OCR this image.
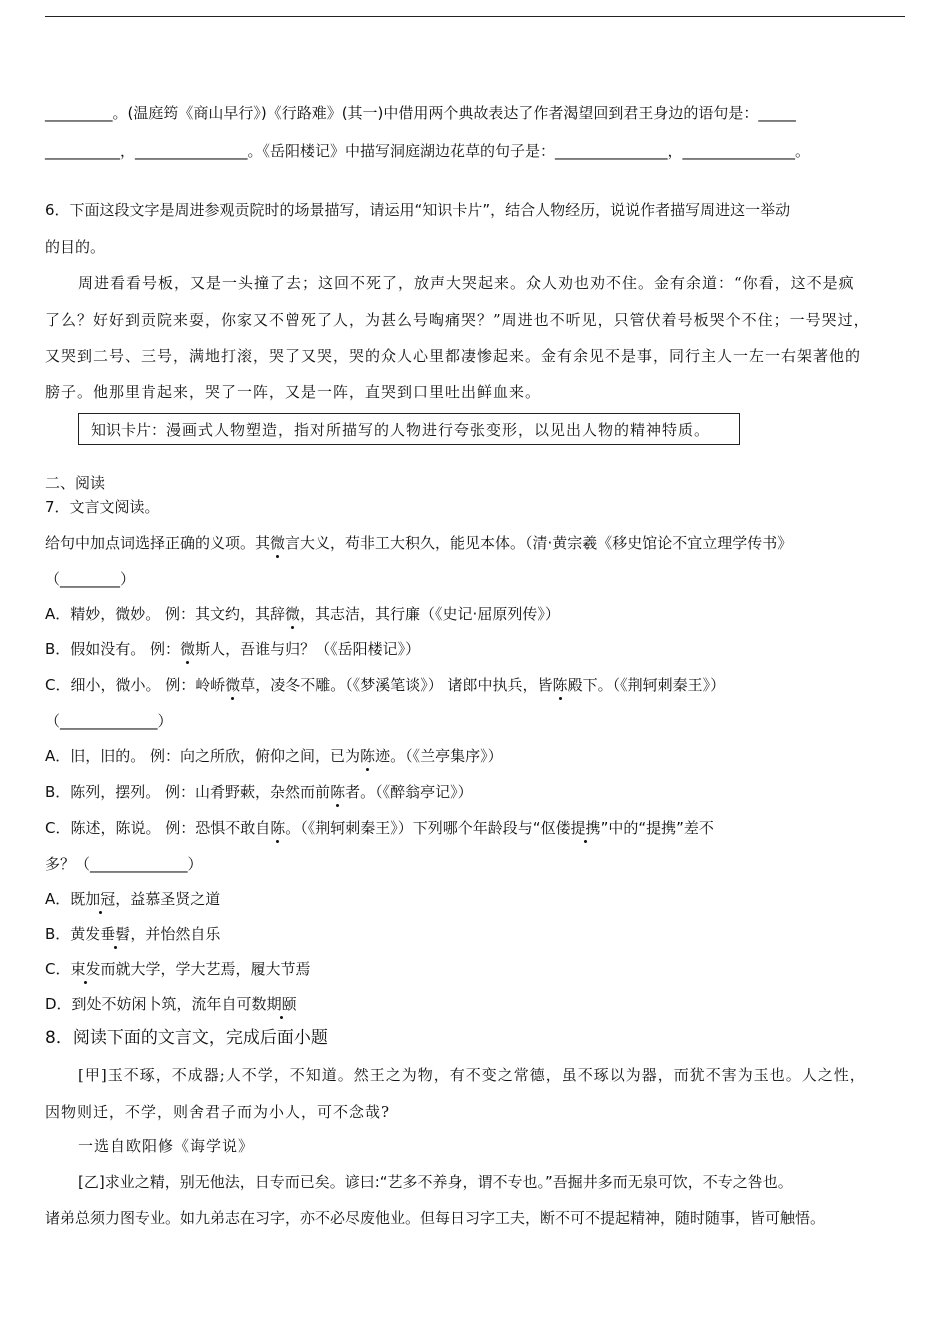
_________。(温庭筠《商山早行》)《行路难》(其一)中借用两个典故表达了作者渴望回到君王身边的语句是：_____
__________，_______________。《岳阳楼记》中描写洞庭湖边花草的句子是：_______________，_______________。
6．下面这段文字是周进参观贡院时的场景描写，请运用“知识卡片”，结合人物经历，说说作者描写周进这一举动
的目的。
周进看看号板，又是一头撞了去；这回不死了，放声大哭起来。众人劝也劝不住。金有余道：“你看，这不是疯
了么？好好到贡院来耍，你家又不曾死了人，为甚么号啕痛哭？”周进也不听见，只管伏着号板哭个不住；一号哭过，
又哭到二号、三号，满地打滚，哭了又哭，哭的众人心里都凄惨起来。金有余见不是事，同行主人一左一右架著他的
膀子。他那里肯起来，哭了一阵，又是一阵，直哭到口里吐出鲜血来。
知识卡片：漫画式人物塑造，指对所描写的人物进行夸张变形，以见出人物的精神特质。
二、阅读
7．文言文阅读。
给句中加点词选择正确的义项。其微言大义，苟非工大积久，能见本体。（清·黄宗羲《移史馆论不宜立理学传书》
（________）
A．精妙，微妙。 例：其文约，其辞微，其志洁，其行廉（《史记·屈原列传》）
B．假如没有。 例：微斯人，吾谁与归？（《岳阳楼记》）
C．细小，微小。 例：岭峤微草，凌冬不雕。（《梦溪笔谈》） 诸郎中执兵，皆陈殿下。（《荆轲刺秦王》）
（_____________）
A．旧，旧的。 例：向之所欣，俯仰之间，已为陈迹。（《兰亭集序》）
B．陈列，摆列。 例：山肴野蔌，杂然而前陈者。（《醉翁亭记》）
C．陈述，陈说。 例：恐惧不敢自陈。（《荆轲刺秦王》）下列哪个年龄段与“伛偻提携”中的“提携”差不
多？（_____________）
A．既加冠，益慕圣贤之道
B．黄发垂髫，并怡然自乐
C．束发而就大学，学大艺焉，履大节焉
D．到处不妨闲卜筑，流年自可数期颐
8．阅读下面的文言文，完成后面小题
[甲]玉不琢，不成器;人不学，不知道。然王之为物，有不变之常德，虽不琢以为器，而犹不害为玉也。人之性，
因物则迁，不学，则舍君子而为小人，可不念哉?
一选自欧阳修《诲学说》
[乙]求业之精，别无他法，日专而已矣。谚曰:“艺多不养身，谓不专也。”吾掘井多而无泉可饮，不专之咎也。
诸弟总须力图专业。如九弟志在习字，亦不必尽废他业。但每日习字工夫，断不可不提起精神，随时随事，皆可触悟。
